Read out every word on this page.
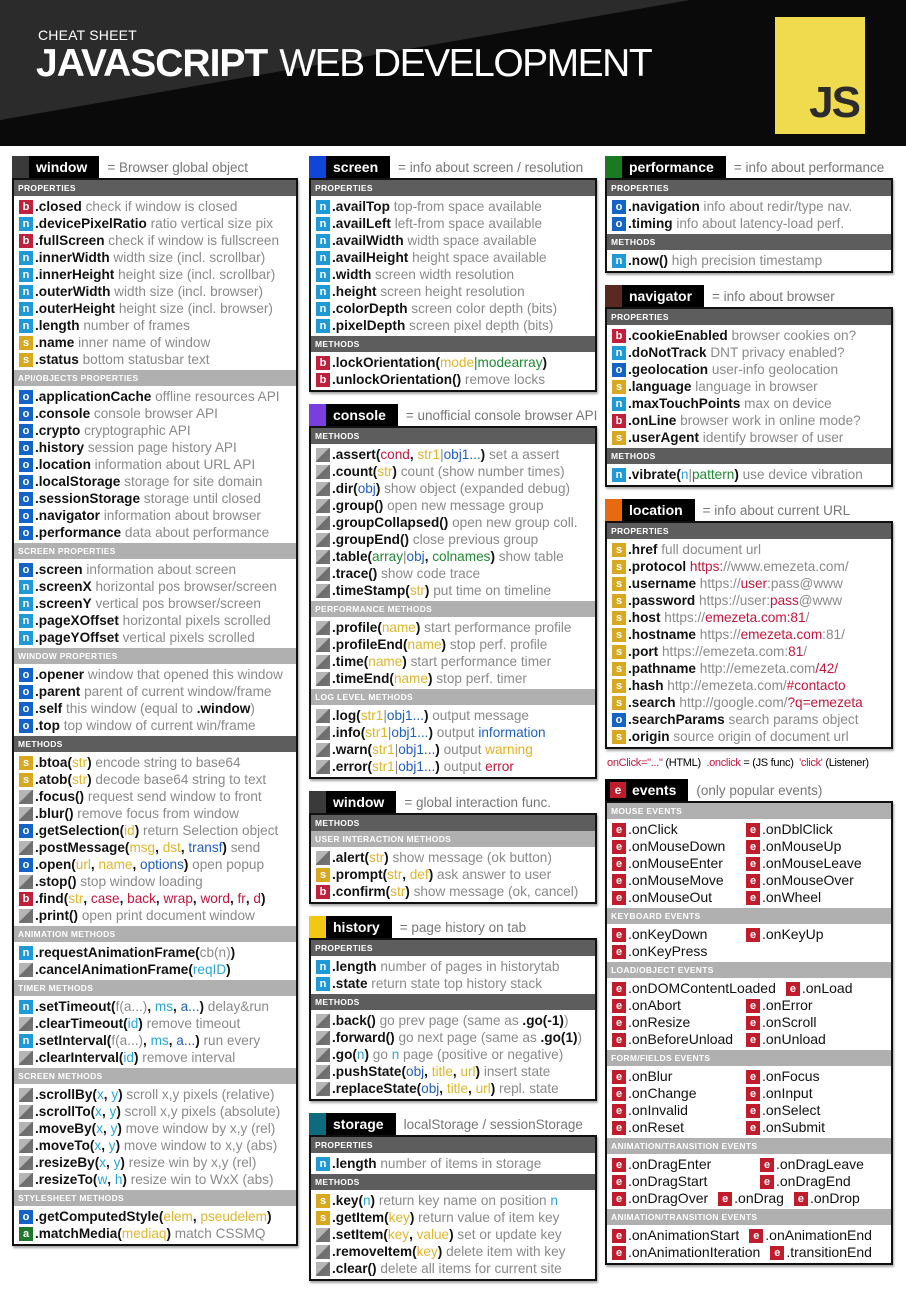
CHEAT SHEET
JAVASCRIPT WEB DEVELOPMENT
JS
window	= Browser global object
PROPERTIES
b .closed check if window is closed
n .devicePixelRatio ratio vertical size pix
b .fullScreen check if window is fullscreen
n .innerWidth width size (incl. scrollbar)
n .innerHeight height size (incl. scrollbar)
n .outerWidth width size (incl. browser)
n .outerHeight height size (incl. browser)
n .length number of frames
s .name inner name of window
s .status bottom statusbar text
API/OBJECTS PROPERTIES
o .applicationCache offline resources API
o .console console browser API
o .crypto cryptographic API
o .history session page history API
o .location information about URL API
o .localStorage storage for site domain
o .sessionStorage storage until closed
o .navigator information about browser
o .performance data about performance
SCREEN PROPERTIES
o .screen information about screen
n .screenX horizontal pos browser/screen
n .screenY vertical pos browser/screen
n .pageXOffset horizontal pixels scrolled
n .pageYOffset vertical pixels scrolled
WINDOW PROPERTIES
o .opener window that opened this window
o .parent parent of current window/frame
o .self this window (equal to .window )
o .top top window of current win/frame
METHODS
s .btoa( str ) encode string to base64
s .atob( str ) decode base64 string to text
.focus() request send window to front
.blur() remove focus from window
o .getSelection( id ) return Selection object
.postMessage( msg , dst , transf ) send
o .open( url , name , options ) open popup
.stop() stop window loading
b .find( str , case , back , wrap , word , fr , d )
.print() open print document window
ANIMATION METHODS
n .requestAnimationFrame( cb(n) )
.cancelAnimationFrame( reqID )
TIMER METHODS
n .setTimeout( f(a...) , ms , a... ) delay&run
.clearTimeout( id ) remove timeout
n .setInterval( f(a...) , ms , a... ) run every
.clearInterval( id ) remove interval
SCREEN METHODS
.scrollBy( x , y ) scroll x,y pixels (relative)
.scrollTo( x , y ) scroll x,y pixels (absolute)
.moveBy( x , y ) move window by x,y (rel)
.moveTo( x , y ) move window to x,y (abs)
.resizeBy( x , y ) resize win by x,y (rel)
.resizeTo( w , h ) resize win to WxX (abs)
STYLESHEET METHODS
o .getComputedStyle( elem , pseudelem )
a .matchMedia( mediaq ) match CSSMQ
screen	= info about screen / resolution
PROPERTIES
n .availTop top-from space available
n .availLeft left-from space available
n .availWidth width space available
n .availHeight height space available
n .width screen width resolution
n .height screen height resolution
n .colorDepth screen color depth (bits)
n .pixelDepth screen pixel depth (bits)
METHODS
b .lockOrientation( mode |modearray )
b .unlockOrientation() remove locks
console	= unofficial console browser API
METHODS
.assert( cond , str1 | obj1... ) set a assert
.count( str ) count (show number times)
.dir( obj ) show object (expanded debug)
.group() open new message group
.groupCollapsed() open new group coll.
.groupEnd() close previous group
.table( array | obj , colnames ) show table
.trace() show code trace
.timeStamp( str ) put time on timeline
PERFORMANCE METHODS
.profile( name ) start performance profile
.profileEnd( name ) stop perf. profile
.time( name ) start performance timer
.timeEnd( name ) stop perf. timer
LOG LEVEL METHODS
.log( str1 | obj1... ) output message
.info( str1 | obj1... ) output information
.warn( str1 | obj1... ) output warning
.error( str1 | obj1... ) output error
window	= global interaction func.
METHODS
USER INTERACTION METHODS
.alert( str ) show message (ok button)
s .prompt( str , def ) ask answer to user
b .confirm( str ) show message (ok, cancel)
history	= page history on tab
PROPERTIES
n .length number of pages in historytab
n .state return state top history stack
METHODS
.back() go prev page (same as .go(-1) )
.forward() go next page (same as .go(1) )
.go( n ) go n page (positive or negative)
.pushState( obj , title , url ) insert state
.replaceState( obj , title , url ) repl. state
storage	localStorage / sessionStorage
PROPERTIES
n .length number of items in storage
METHODS
s .key( n ) return key name on position n
s .getItem( key ) return value of item key
.setItem( key , value ) set or update key
.removeItem( key ) delete item with key
.clear() delete all items for current site
performance	= info about performance
PROPERTIES
o .navigation info about redir/type nav.
o .timing info about latency-load perf.
METHODS
n .now() high precision timestamp
navigator	= info about browser
PROPERTIES
b .cookieEnabled browser cookies on?
n .doNotTrack DNT privacy enabled?
o .geolocation user-info geolocation
s .language language in browser
n .maxTouchPoints max on device
b .onLine browser work in online mode?
s .userAgent identify browser of user
METHODS
n .vibrate( n | pattern ) use device vibration
location	= info about current URL
PROPERTIES
s .href full document url
s .protocol https: //www.emezeta.com/
s .username https:// user :pass@www
s .password https://user: pass @www
s .host https:// emezeta.com:81 /
s .hostname https:// emezeta.com :81/
s .port https://emezeta.com: 81 /
s .pathname http://emezeta.com /42/
s .hash http://emezeta.com/ #contacto
s .search http://google.com/ ?q=emezeta
o .searchParams search params object
s .origin source origin of document url
onClick="..." (HTML)  .onclick = (JS func)  'click' (Listener)
e events	(only popular events)
MOUSE EVENTS
e .onClick	e .onDblClick
e .onMouseDown	e .onMouseUp
e .onMouseEnter	e .onMouseLeave
e .onMouseMove	e .onMouseOver
e .onMouseOut	e .onWheel
KEYBOARD EVENTS
e .onKeyDown	e .onKeyUp
e .onKeyPress
LOAD/OBJECT EVENTS
e .onDOMContentLoaded	e .onLoad
e .onAbort	e .onError
e .onResize	e .onScroll
e .onBeforeUnload	e .onUnload
FORM/FIELDS EVENTS
e .onBlur	e .onFocus
e .onChange	e .onInput
e .onInvalid	e .onSelect
e .onReset	e .onSubmit
ANIMATION/TRANSITION EVENTS
e .onDragEnter	e .onDragLeave
e .onDragStart	e .onDragEnd
e .onDragOver	e .onDrag	e .onDrop
ANIMATION/TRANSITION EVENTS
e .onAnimationStart	e .onAnimationEnd
e .onAnimationIteration	e .transitionEnd
